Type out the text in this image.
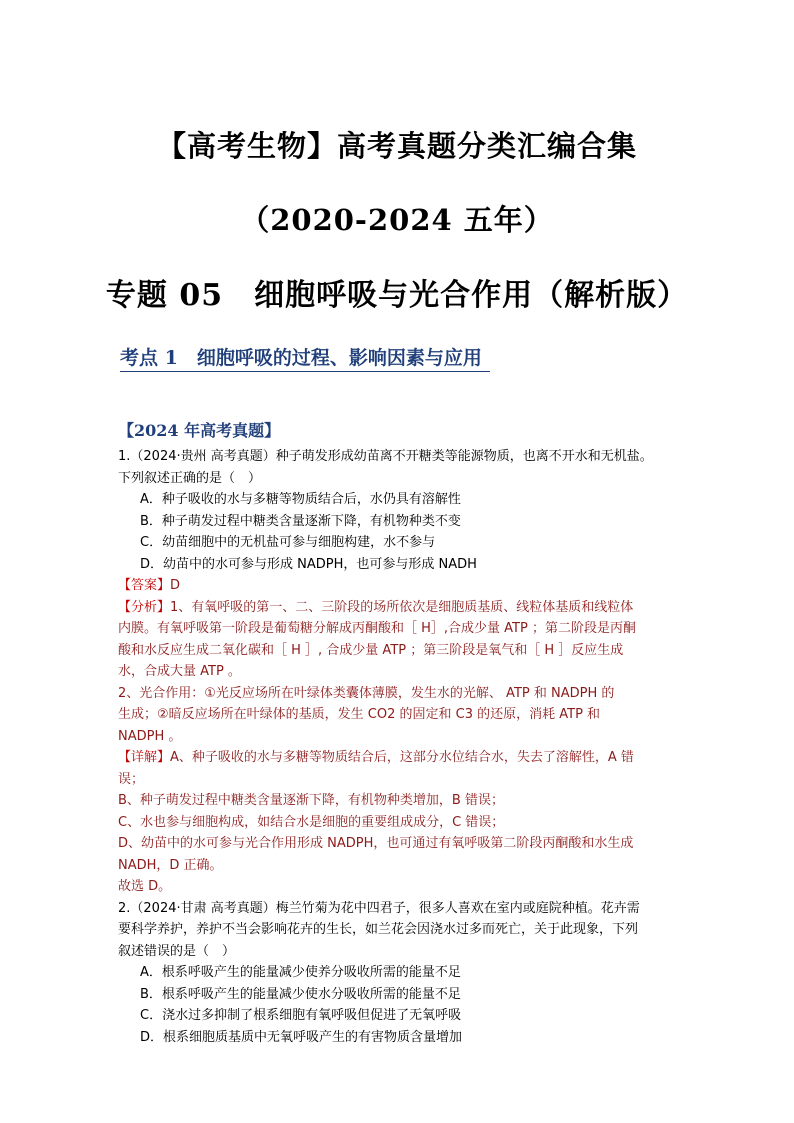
【高考生物】高考真题分类汇编合集
（2020-2024 五年）
专题 05　细胞呼吸与光合作用（解析版）
考点 1　细胞呼吸的过程、影响因素与应用
【2024 年高考真题】
1.（2024·贵州 高考真题）种子萌发形成幼苗离不开糖类等能源物质，也离不开水和无机盐。
下列叙述正确的是（　）
A．种子吸收的水与多糖等物质结合后，水仍具有溶解性
B．种子萌发过程中糖类含量逐渐下降，有机物种类不变
C．幼苗细胞中的无机盐可参与细胞构建，水不参与
D．幼苗中的水可参与形成 NADPH，也可参与形成 NADH
【答案】D
【分析】1、有氧呼吸的第一、二、三阶段的场所依次是细胞质基质、线粒体基质和线粒体
内膜。有氧呼吸第一阶段是葡萄糖分解成丙酮酸和［ H］,合成少量 ATP ；第二阶段是丙酮
酸和水反应生成二氧化碳和［ H ］, 合成少量 ATP ；第三阶段是氧气和［ H ］反应生成
水，合成大量 ATP 。
2、光合作用：①光反应场所在叶绿体类囊体薄膜，发生水的光解、 ATP 和 NADPH 的
生成；②暗反应场所在叶绿体的基质，发生 CO2 的固定和 C3 的还原，消耗 ATP 和
NADPH 。
【详解】A、种子吸收的水与多糖等物质结合后，这部分水位结合水，失去了溶解性，A 错
误；
B、种子萌发过程中糖类含量逐渐下降，有机物种类增加，B 错误；
C、水也参与细胞构成，如结合水是细胞的重要组成成分，C 错误；
D、幼苗中的水可参与光合作用形成 NADPH，也可通过有氧呼吸第二阶段丙酮酸和水生成
NADH，D 正确。
故选 D。
2.（2024·甘肃 高考真题）梅兰竹菊为花中四君子，很多人喜欢在室内或庭院种植。花卉需
要科学养护，养护不当会影响花卉的生长，如兰花会因浇水过多而死亡，关于此现象，下列
叙述错误的是（　）
A．根系呼吸产生的能量减少使养分吸收所需的能量不足
B．根系呼吸产生的能量减少使水分吸收所需的能量不足
C．浇水过多抑制了根系细胞有氧呼吸但促进了无氧呼吸
D．根系细胞质基质中无氧呼吸产生的有害物质含量增加
